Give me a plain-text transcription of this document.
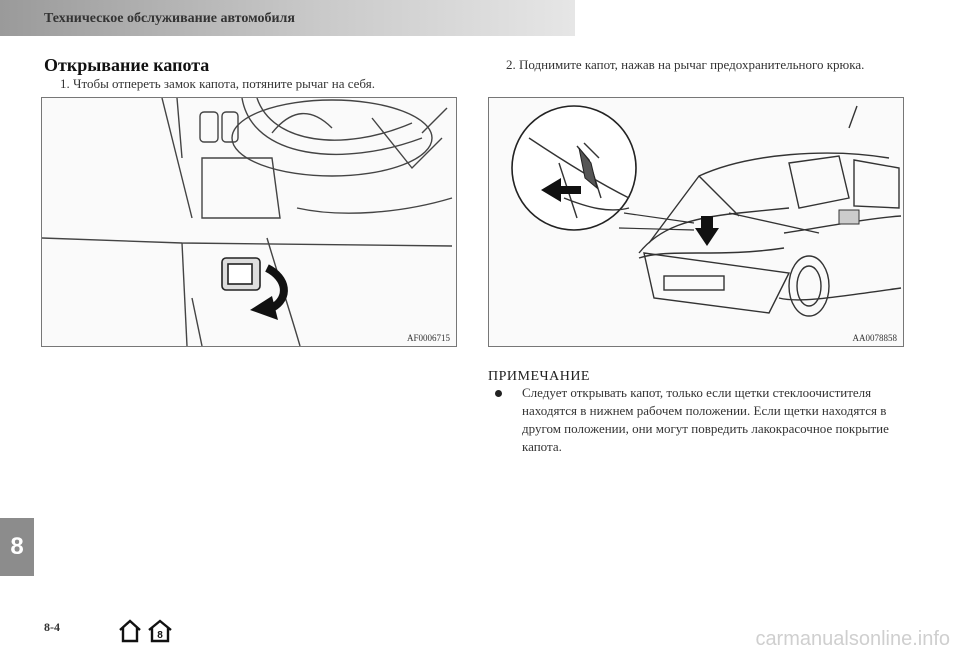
Техническое обслуживание автомобиля
Открывание капота
1. Чтобы отпереть замок капота, потяните рычаг на себя.
2. Поднимите капот, нажав на рычаг предохранительного крюка.
AF0006715	AA0078858
ПРИМЕЧАНИЕ
Следует открывать капот, только если щетки стеклоочистителя находятся в нижнем рабочем положении. Если щетки находятся в другом положении, они могут повредить лакокрасочное покрытие капота.
8
8-4
8	carmanualsonline.info
